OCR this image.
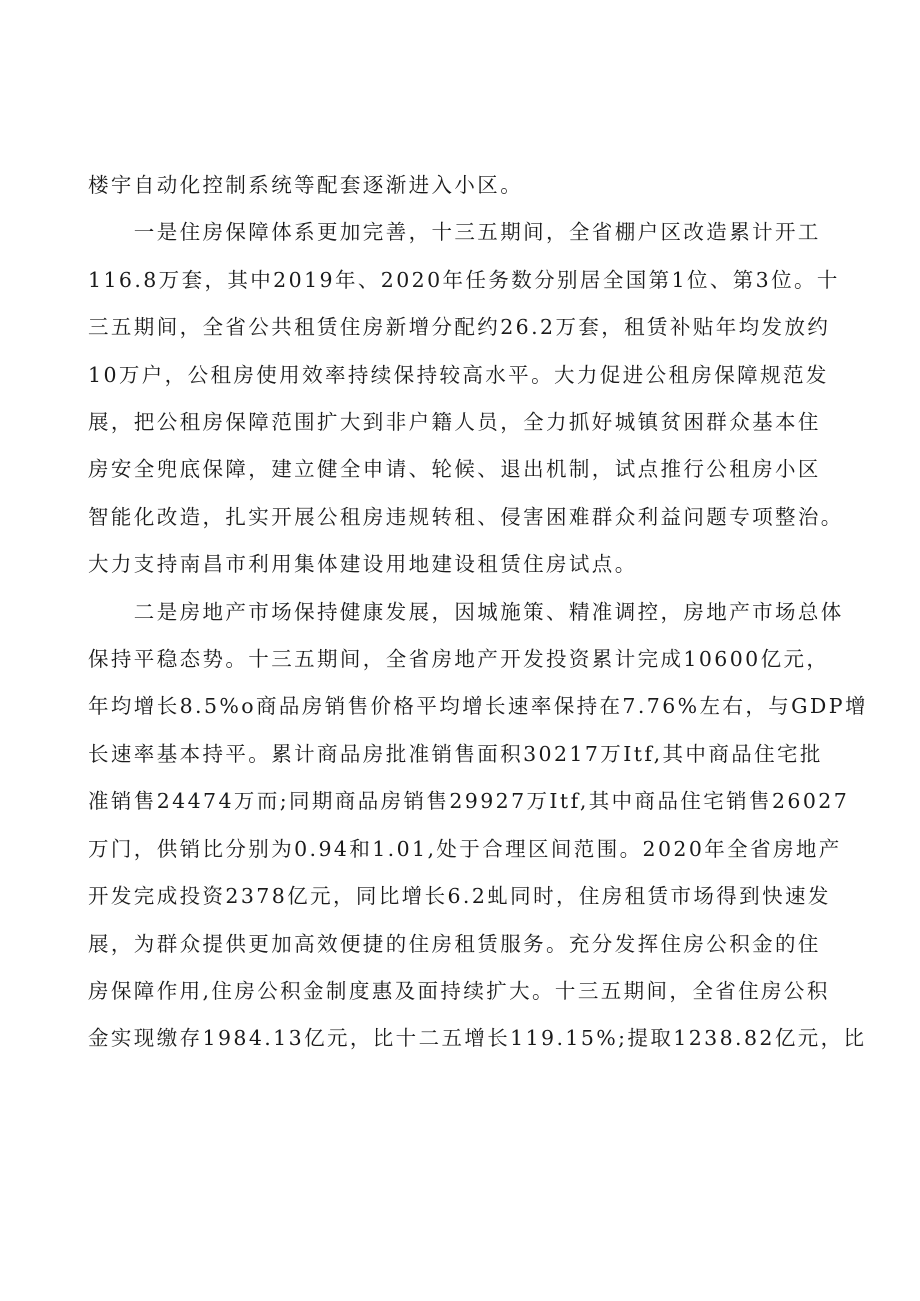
楼宇自动化控制系统等配套逐渐进入小区。

　　一是住房保障体系更加完善，十三五期间，全省棚户区改造累计开工

116.8万套，其中2019年、2020年任务数分别居全国第1位、第3位。十

三五期间，全省公共租赁住房新增分配约26.2万套，租赁补贴年均发放约

10万户，公租房使用效率持续保持较高水平。大力促进公租房保障规范发

展，把公租房保障范围扩大到非户籍人员，全力抓好城镇贫困群众基本住

房安全兜底保障，建立健全申请、轮候、退出机制，试点推行公租房小区

智能化改造，扎实开展公租房违规转租、侵害困难群众利益问题专项整治。

大力支持南昌市利用集体建设用地建设租赁住房试点。

　　二是房地产市场保持健康发展，因城施策、精准调控，房地产市场总体

保持平稳态势。十三五期间，全省房地产开发投资累计完成10600亿元，

年均增长8.5%o商品房销售价格平均增长速率保持在7.76%左右，与GDP增

长速率基本持平。累计商品房批准销售面积30217万Itf,其中商品住宅批

准销售24474万而;同期商品房销售29927万Itf,其中商品住宅销售26027

万门，供销比分别为0.94和1.01,处于合理区间范围。2020年全省房地产

开发完成投资2378亿元，同比增长6.2虬同时，住房租赁市场得到快速发

展，为群众提供更加高效便捷的住房租赁服务。充分发挥住房公积金的住

房保障作用,住房公积金制度惠及面持续扩大。十三五期间，全省住房公积

金实现缴存1984.13亿元，比十二五增长119.15%;提取1238.82亿元，比
